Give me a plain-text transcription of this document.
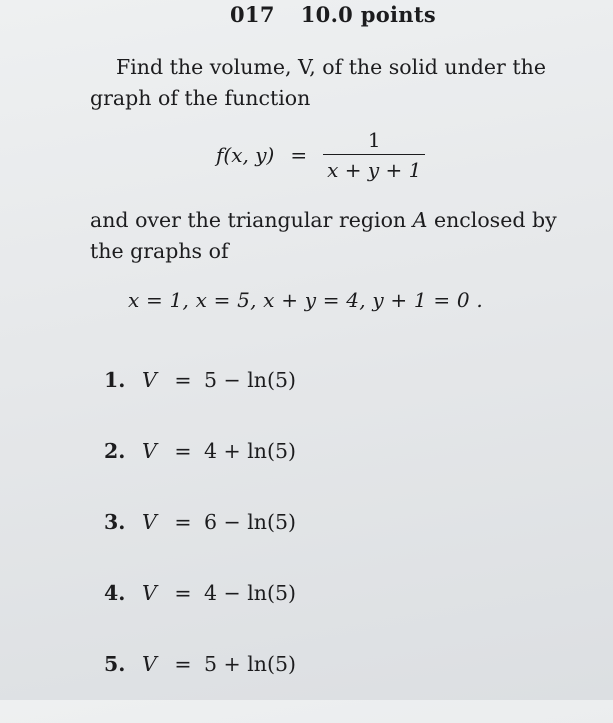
017 10.0 points
Find the volume, V, of the solid under the
graph of the function
f(x, $y) = \frac{1}{x + y + 1}$
and over the triangular region A enclosed by
the graphs of
x = 1, x = 5, x + y = 4, y + 1 = 0 .
1. V = 5 − ln(5)
2. V = 4 + ln(5)
3. V = 6 − ln(5)
4. V = 4 − ln(5)
5. V = 5 + ln(5)
